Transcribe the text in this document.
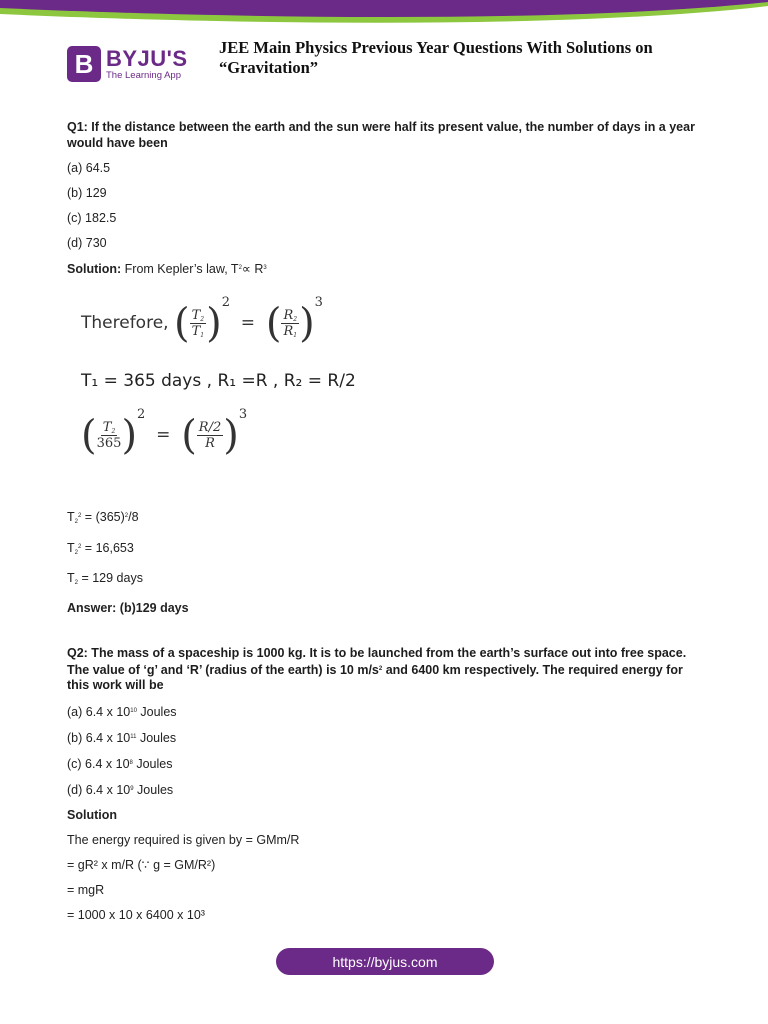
B BYJU'S
The Learning App
JEE Main Physics Previous Year Questions With Solutions on
“Gravitation”
Q1: If the distance between the earth and the sun were half its present value, the number of days in a year would have been
(a) 64.5
(b) 129
(c) 182.5
(d) 730
Solution: From Kepler’s law, $T^2\propto R^3$
Therefore, ( $\frac{T_2}{T_1} )^2$  =  ( $\frac{R_2}{R_1} )^3$
T₁ = 365 days , R₁ =R , R₂ = R/2
( $\frac{T_2}{365} )^2$  =  ( $\frac{R/2}{R} )^3$
$T_2^2 = (365)^2/8$
$T_2^2 = 16,653$
$T_2 = 129$ days
Answer: (b)129 days
Q2: The mass of a spaceship is 1000 kg. It is to be launched from the earth’s surface out into free space. The value of ‘g’ and ‘R’ (radius of the earth) is 10 $m/s^2$ and 6400 km respectively. The required energy for this work will be
(a) 6.4 x $10^{10}$ Joules
(b) 6.4 x $10^{11}$ Joules
(c) 6.4 x $10^8$ Joules
(d) 6.4 x $10^9$ Joules
Solution
The energy required is given by = GMm/R
= gR² x m/R (∵ g = GM/R²)
= mgR
= 1000 x 10 x 6400 x 10³
https://byjus.com
